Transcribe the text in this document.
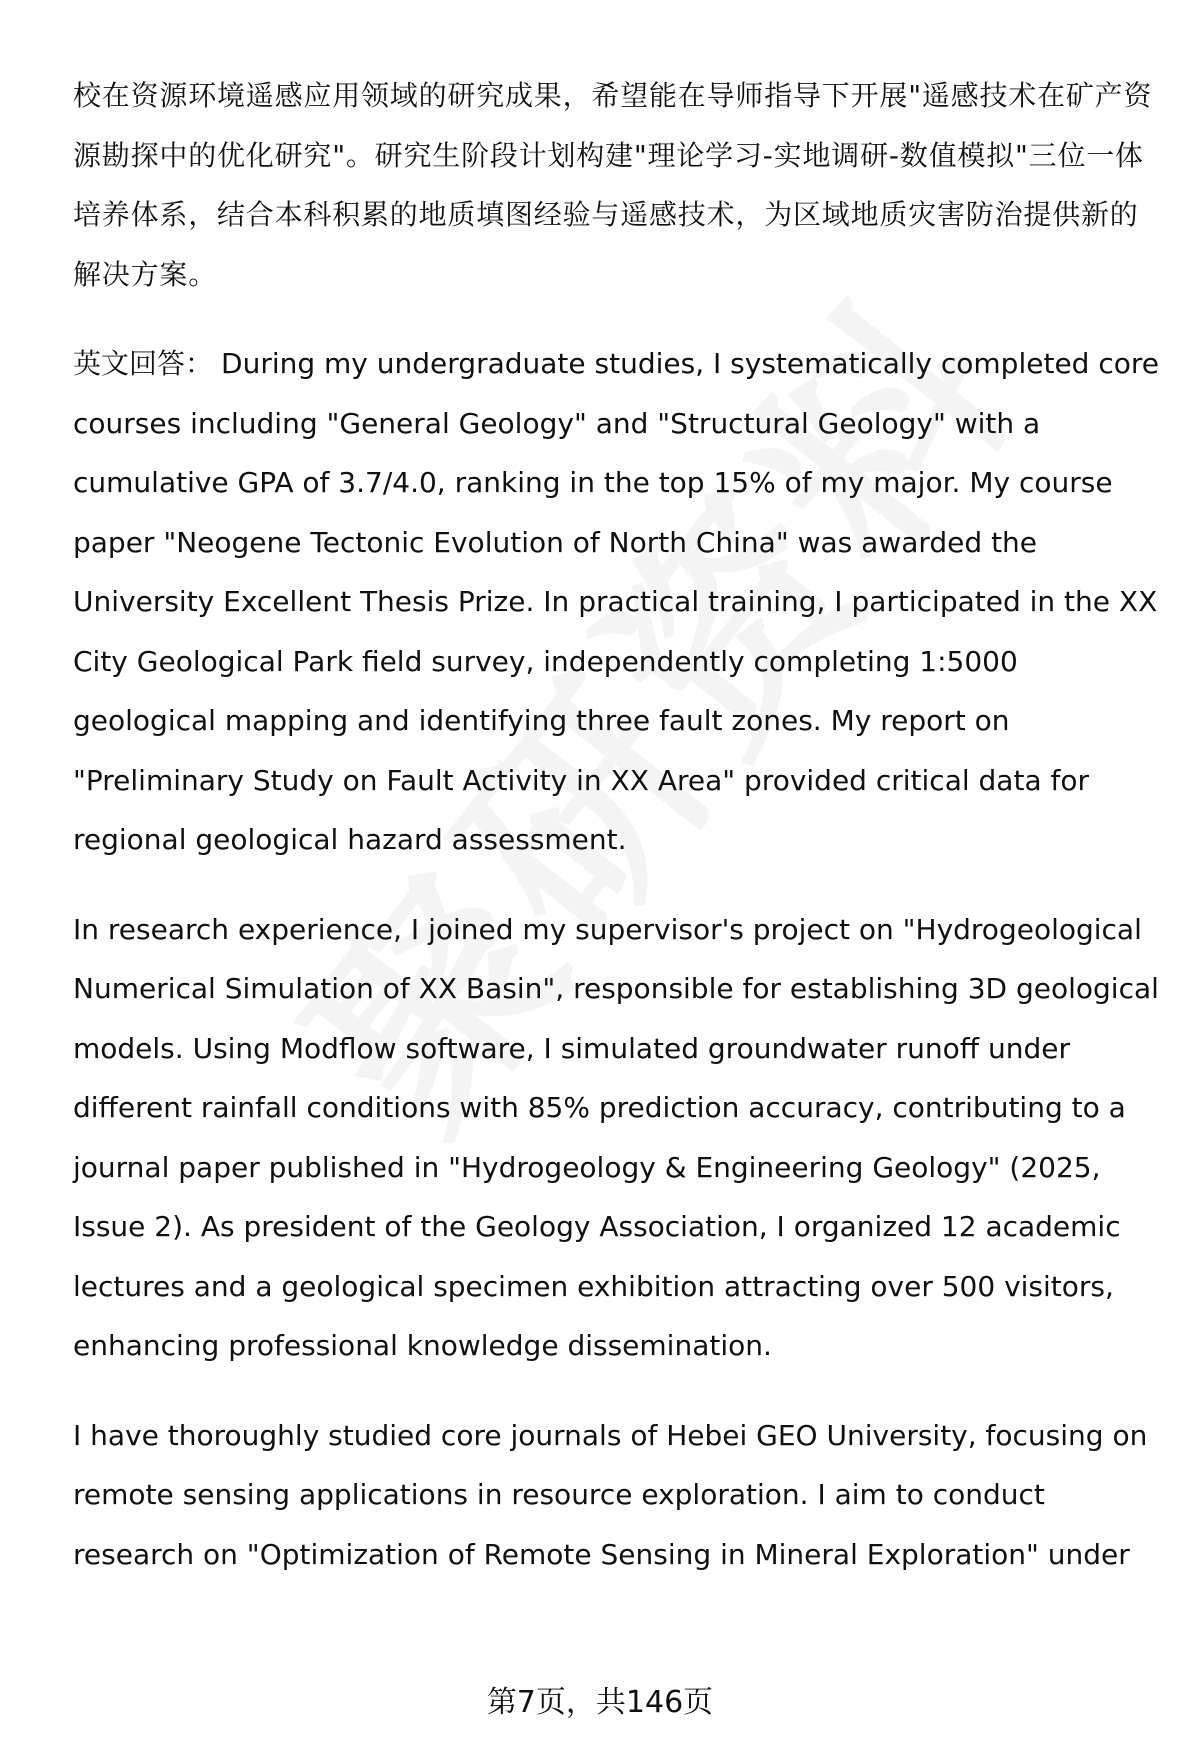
校在资源环境遥感应用领域的研究成果，希望能在导师指导下开展"遥感技术在矿产资源勘探中的优化研究"。研究生阶段计划构建"理论学习-实地调研-数值模拟"三位一体培养体系，结合本科积累的地质填图经验与遥感技术，为区域地质灾害防治提供新的解决方案。

英文回答： During my undergraduate studies, I systematically completed core courses including "General Geology" and "Structural Geology" with a cumulative GPA of 3.7/4.0, ranking in the top 15% of my major. My course paper "Neogene Tectonic Evolution of North China" was awarded the University Excellent Thesis Prize. In practical training, I participated in the XX City Geological Park field survey, independently completing 1:5000 geological mapping and identifying three fault zones. My report on "Preliminary Study on Fault Activity in XX Area" provided critical data for regional geological hazard assessment.

In research experience, I joined my supervisor's project on "Hydrogeological Numerical Simulation of XX Basin", responsible for establishing 3D geological models. Using Modflow software, I simulated groundwater runoff under different rainfall conditions with 85% prediction accuracy, contributing to a journal paper published in "Hydrogeology & Engineering Geology" (2025, Issue 2). As president of the Geology Association, I organized 12 academic lectures and a geological specimen exhibition attracting over 500 visitors, enhancing professional knowledge dissemination.

I have thoroughly studied core journals of Hebei GEO University, focusing on remote sensing applications in resource exploration. I aim to conduct research on "Optimization of Remote Sensing in Mineral Exploration" under

第7页，共146页
